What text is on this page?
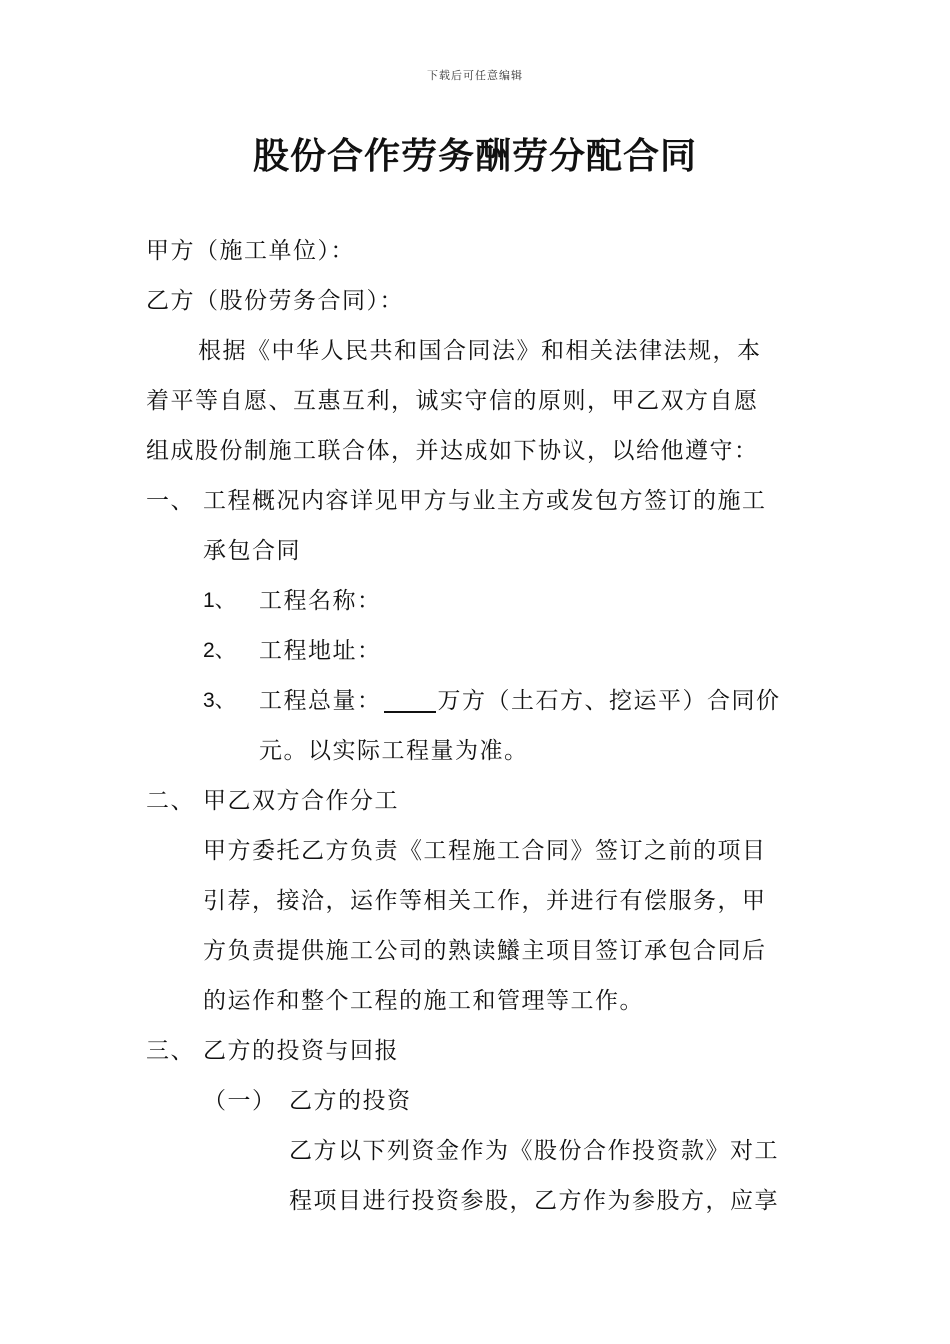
下载后可任意编辑
股份合作劳务酬劳分配合同
甲方（施工单位）：
乙方（股份劳务合同）：
根据《中华人民共和国合同法》和相关法律法规，本
着平等自愿、互惠互利，诚实守信的原则，甲乙双方自愿
组成股份制施工联合体，并达成如下协议，以给他遵守：
一、 工程概况内容详见甲方与业主方或发包方签订的施工
承包合同
1、 工程名称：
2、 工程地址：
3、 工程总量： 万方（土石方、挖运平）合同价
元。以实际工程量为准。
二、 甲乙双方合作分工
甲方委托乙方负责《工程施工合同》签订之前的项目
引荐，接洽，运作等相关工作，并进行有偿服务，甲
方负责提供施工公司的熟读鱶主项目签订承包合同后
的运作和整个工程的施工和管理等工作。
三、 乙方的投资与回报
（一） 乙方的投资
乙方以下列资金作为《股份合作投资款》对工
程项目进行投资参股，乙方作为参股方，应享
